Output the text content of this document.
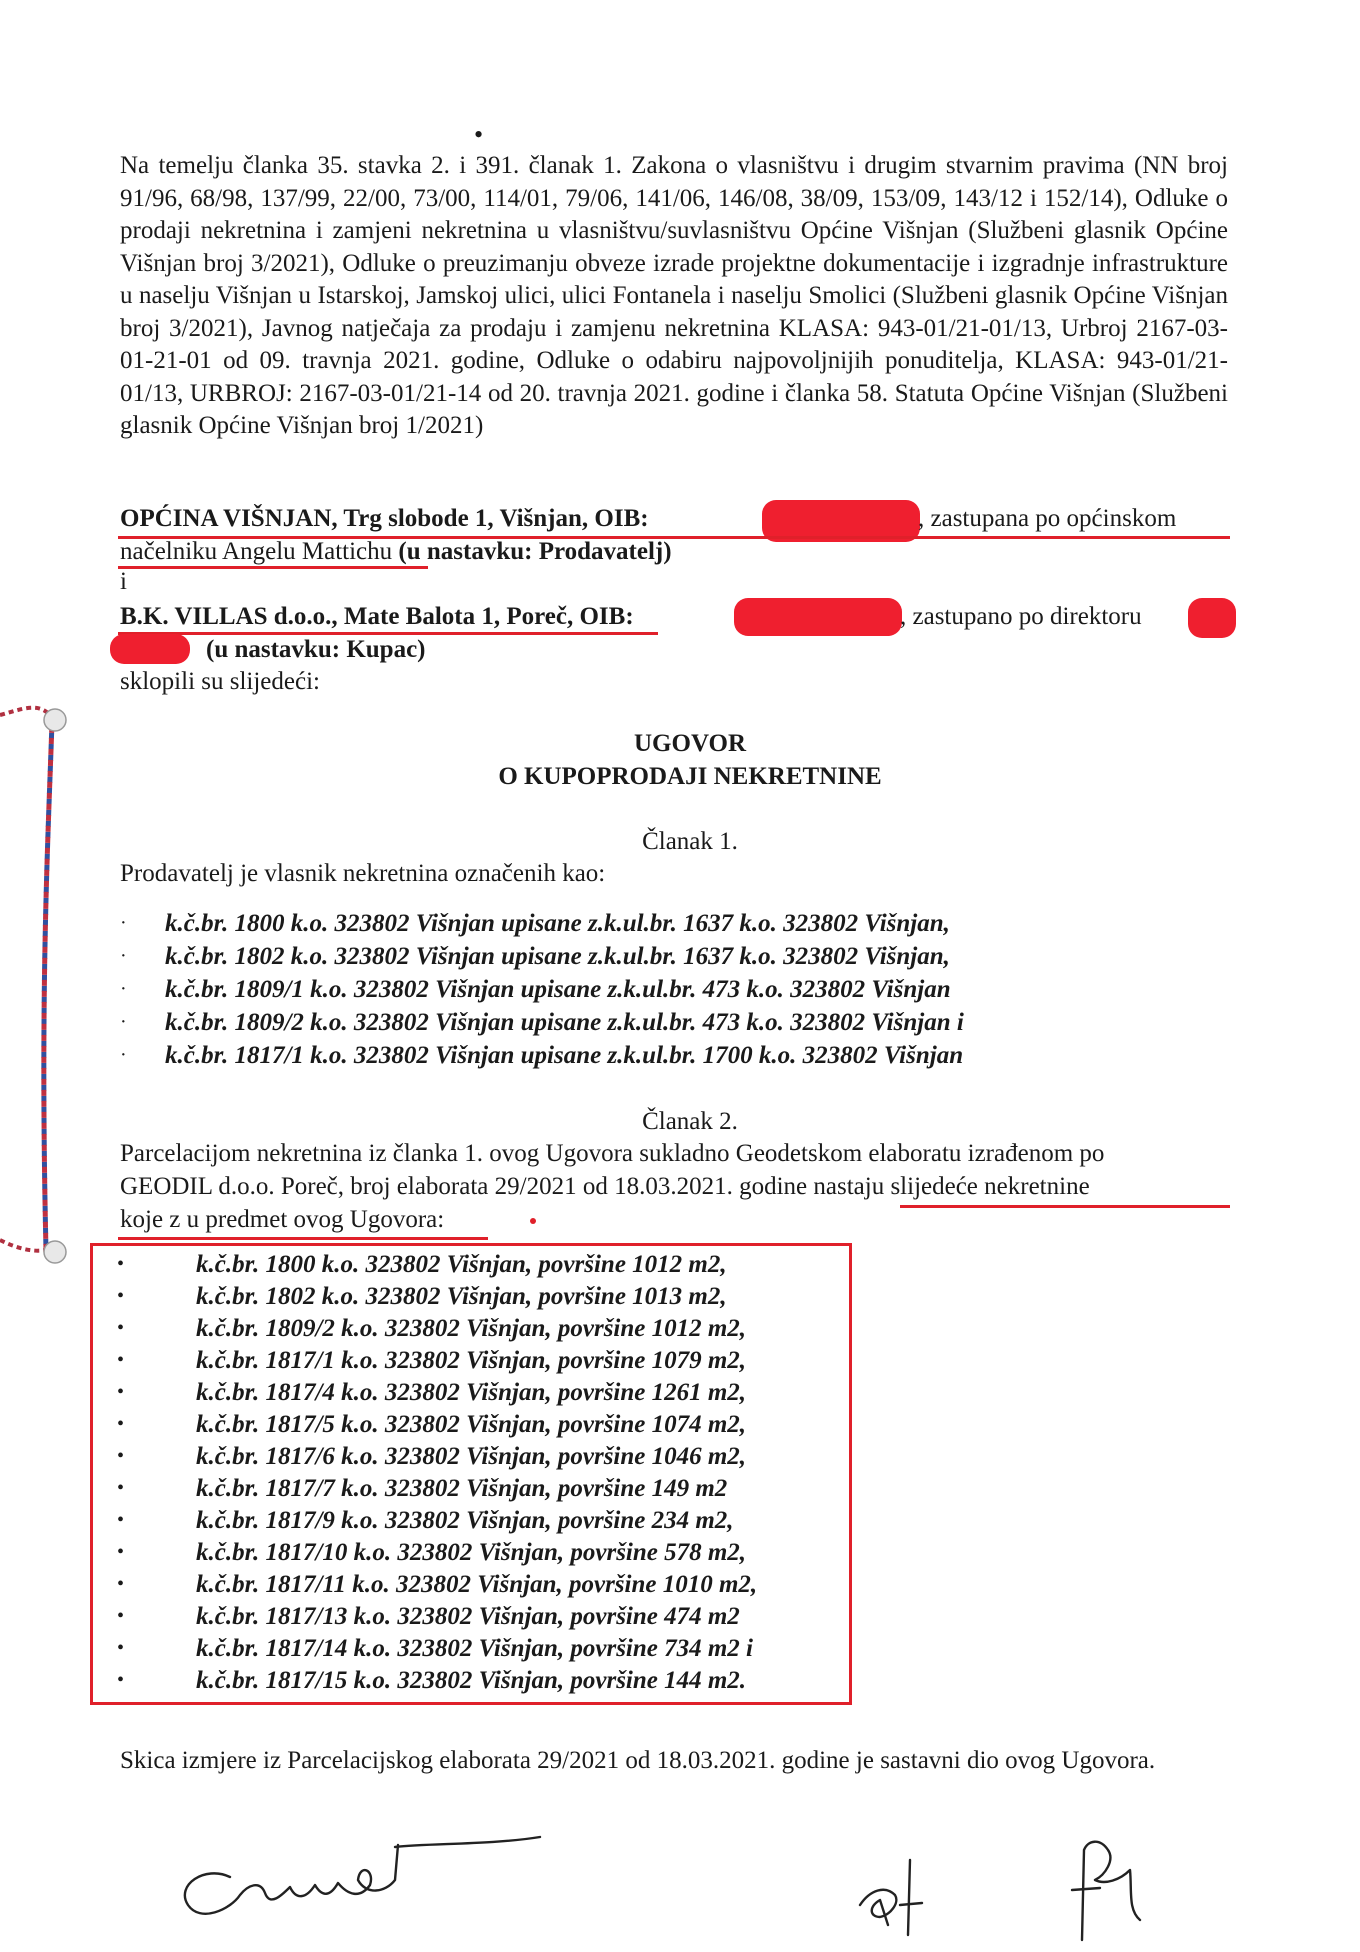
•

Na temelju članka 35. stavka 2. i 391. članak 1. Zakona o vlasništvu i drugim stvarnim pravima (NN broj 91/96, 68/98, 137/99, 22/00, 73/00, 114/01, 79/06, 141/06, 146/08, 38/09, 153/09, 143/12 i 152/14), Odluke o prodaji nekretnina i zamjeni nekretnina u vlasništvu/suvlasništvu Općine Višnjan (Službeni glasnik Općine Višnjan broj 3/2021), Odluke o preuzimanju obveze izrade projektne dokumentacije i izgradnje infrastrukture u naselju Višnjan u Istarskoj, Jamskoj ulici, ulici Fontanela i naselju Smolici (Službeni glasnik Općine Višnjan broj 3/2021), Javnog natječaja za prodaju i zamjenu nekretnina KLASA: 943-01/21-01/13, Urbroj 2167-03-01-21-01 od 09. travnja 2021. godine, Odluke o odabiru najpovoljnijih ponuditelja, KLASA: 943-01/21-01/13, URBROJ: 2167-03-01/21-14 od 20. travnja 2021. godine i članka 58. Statuta Općine Višnjan (Službeni glasnik Općine Višnjan broj 1/2021)

OPĆINA VIŠNJAN, Trg slobode 1, Višnjan, OIB:	, zastupana po općinskom
načelniku Angelu Mattichu (u nastavku: Prodavatelj)
i
B.K. VILLAS d.o.o., Mate Balota 1, Poreč, OIB:	, zastupano po direktoru
(u nastavku: Kupac)
sklopili su slijedeći:
UGOVOR
O KUPOPRODAJI NEKRETNINE
Članak 1.
Prodavatelj je vlasnik nekretnina označenih kao:
· k.č.br. 1800 k.o. 323802 Višnjan upisane z.k.ul.br. 1637 k.o. 323802 Višnjan,
· k.č.br. 1802 k.o. 323802 Višnjan upisane z.k.ul.br. 1637 k.o. 323802 Višnjan,
· k.č.br. 1809/1 k.o. 323802 Višnjan upisane z.k.ul.br. 473 k.o. 323802 Višnjan
· k.č.br. 1809/2 k.o. 323802 Višnjan upisane z.k.ul.br. 473 k.o. 323802 Višnjan i
· k.č.br. 1817/1 k.o. 323802 Višnjan upisane z.k.ul.br. 1700 k.o. 323802 Višnjan
Članak 2.
Parcelacijom nekretnina iz članka 1. ovog Ugovora sukladno Geodetskom elaboratu izrađenom po
GEODIL d.o.o. Poreč, broj elaborata 29/2021 od 18.03.2021. godine nastaju slijedeće nekretnine
koje z u predmet ovog Ugovora:
•	k.č.br. 1800 k.o. 323802 Višnjan, površine 1012 m2,
•	k.č.br. 1802 k.o. 323802 Višnjan, površine 1013 m2,
•	k.č.br. 1809/2 k.o. 323802 Višnjan, površine 1012 m2,
•	k.č.br. 1817/1 k.o. 323802 Višnjan, površine 1079 m2,
•	k.č.br. 1817/4 k.o. 323802 Višnjan, površine 1261 m2,
•	k.č.br. 1817/5 k.o. 323802 Višnjan, površine 1074 m2,
•	k.č.br. 1817/6 k.o. 323802 Višnjan, površine 1046 m2,
•	k.č.br. 1817/7 k.o. 323802 Višnjan, površine 149 m2
•	k.č.br. 1817/9 k.o. 323802 Višnjan, površine 234 m2,
•	k.č.br. 1817/10 k.o. 323802 Višnjan, površine 578 m2,
•	k.č.br. 1817/11 k.o. 323802 Višnjan, površine 1010 m2,
•	k.č.br. 1817/13 k.o. 323802 Višnjan, površine 474 m2
•	k.č.br. 1817/14 k.o. 323802 Višnjan, površine 734 m2 i
•	k.č.br. 1817/15 k.o. 323802 Višnjan, površine 144 m2.

Skica izmjere iz Parcelacijskog elaborata 29/2021 od 18.03.2021. godine je sastavni dio ovog Ugovora.
